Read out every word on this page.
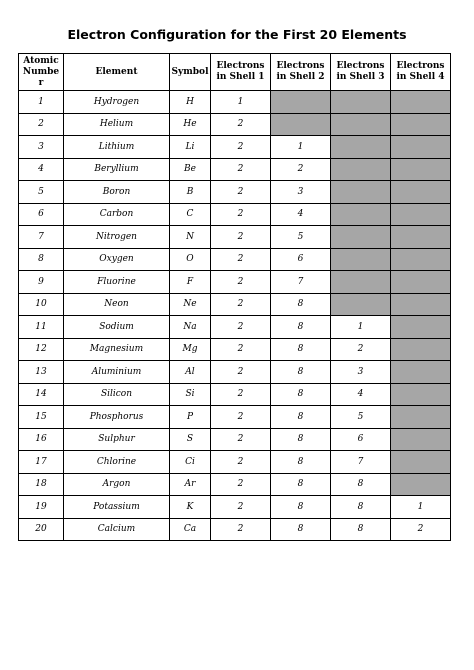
Electron Configuration for the First 20 Elements
Atomic Numbe r	Element	Symbol	Electrons in Shell 1	Electrons in Shell 2	Electrons in Shell 3	Electrons in Shell 4
1	Hydrogen	H	1			
2	Helium	He	2			
3	Lithium	Li	2	1		
4	Beryllium	Be	2	2		
5	Boron	B	2	3		
6	Carbon	C	2	4		
7	Nitrogen	N	2	5		
8	Oxygen	O	2	6		
9	Fluorine	F	2	7		
10	Neon	Ne	2	8		
11	Sodium	Na	2	8	1	
12	Magnesium	Mg	2	8	2	
13	Aluminium	Al	2	8	3	
14	Silicon	Si	2	8	4	
15	Phosphorus	P	2	8	5	
16	Sulphur	S	2	8	6	
17	Chlorine	Ci	2	8	7	
18	Argon	Ar	2	8	8	
19	Potassium	K	2	8	8	1
20	Calcium	Ca	2	8	8	2
